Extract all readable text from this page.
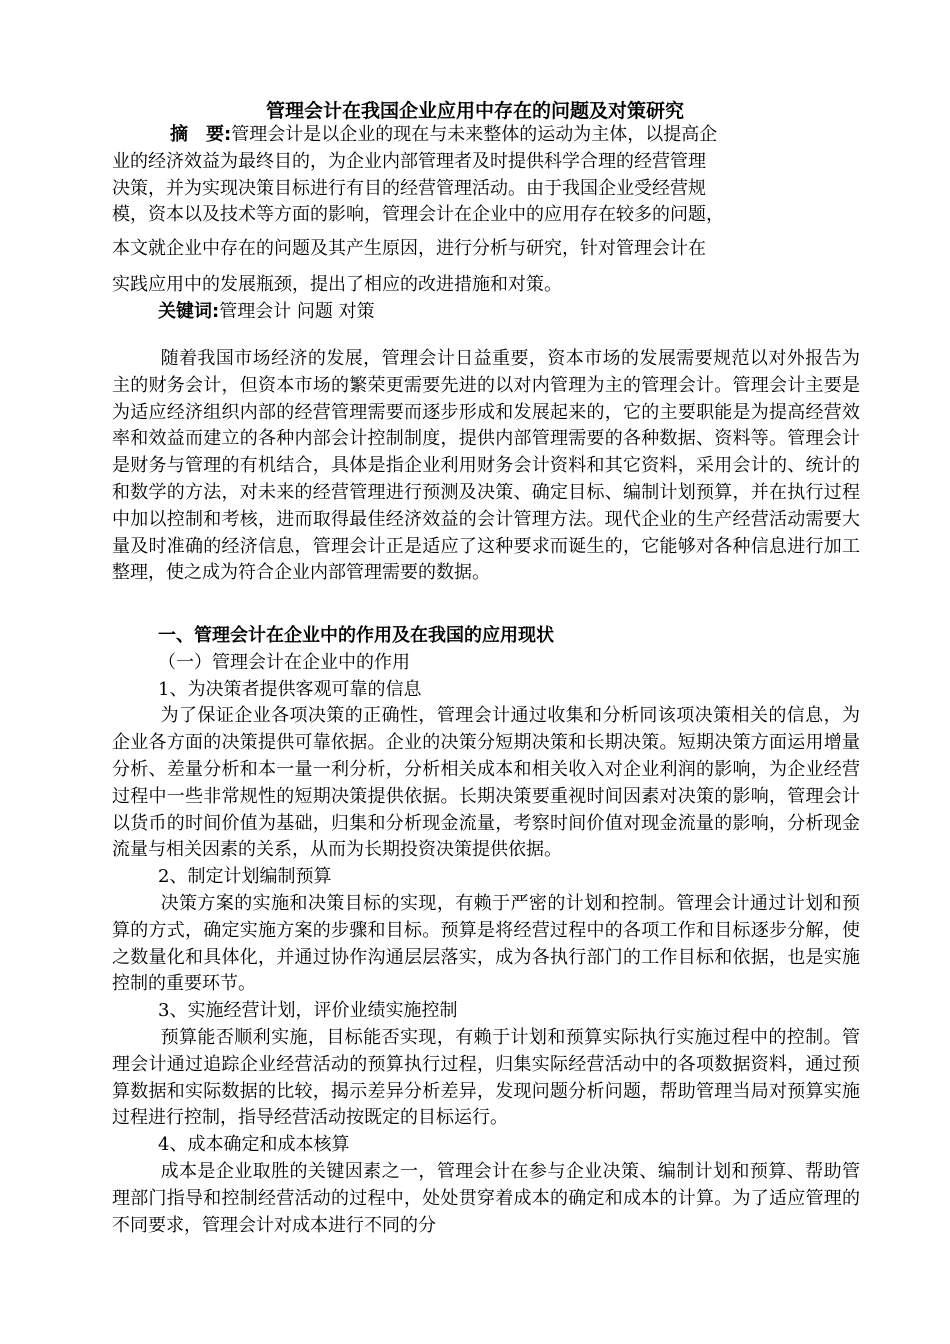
管理会计在我国企业应用中存在的问题及对策研究
摘　要:管理会计是以企业的现在与未来整体的运动为主体，以提高企
业的经济效益为最终目的，为企业内部管理者及时提供科学合理的经营管理
决策，并为实现决策目标进行有目的经营管理活动。由于我国企业受经营规
模，资本以及技术等方面的影响，管理会计在企业中的应用存在较多的问题，
本文就企业中存在的问题及其产生原因，进行分析与研究，针对管理会计在
实践应用中的发展瓶颈，提出了相应的改进措施和对策。
关键词:管理会计 问题 对策

随着我国市场经济的发展，管理会计日益重要，资本市场的发展需要规范以对外报告为主的财务会计，但资本市场的繁荣更需要先进的以对内管理为主的管理会计。管理会计主要是为适应经济组织内部的经营管理需要而逐步形成和发展起来的，它的主要职能是为提高经营效率和效益而建立的各种内部会计控制制度，提供内部管理需要的各种数据、资料等。管理会计是财务与管理的有机结合，具体是指企业利用财务会计资料和其它资料，采用会计的、统计的和数学的方法，对未来的经营管理进行预测及决策、确定目标、编制计划预算，并在执行过程中加以控制和考核，进而取得最佳经济效益的会计管理方法。现代企业的生产经营活动需要大量及时准确的经济信息，管理会计正是适应了这种要求而诞生的，它能够对各种信息进行加工整理，使之成为符合企业内部管理需要的数据。

一、管理会计在企业中的作用及在我国的应用现状

（一）管理会计在企业中的作用

1、为决策者提供客观可靠的信息

为了保证企业各项决策的正确性，管理会计通过收集和分析同该项决策相关的信息，为企业各方面的决策提供可靠依据。企业的决策分短期决策和长期决策。短期决策方面运用增量分析、差量分析和本一量一利分析，分析相关成本和相关收入对企业利润的影响，为企业经营过程中一些非常规性的短期决策提供依据。长期决策要重视时间因素对决策的影响，管理会计以货币的时间价值为基础，归集和分析现金流量，考察时间价值对现金流量的影响，分析现金流量与相关因素的关系，从而为长期投资决策提供依据。

2、制定计划编制预算

决策方案的实施和决策目标的实现，有赖于严密的计划和控制。管理会计通过计划和预算的方式，确定实施方案的步骤和目标。预算是将经营过程中的各项工作和目标逐步分解，使之数量化和具体化，并通过协作沟通层层落实，成为各执行部门的工作目标和依据，也是实施控制的重要环节。

3、实施经营计划，评价业绩实施控制

预算能否顺利实施，目标能否实现，有赖于计划和预算实际执行实施过程中的控制。管理会计通过追踪企业经营活动的预算执行过程，归集实际经营活动中的各项数据资料，通过预算数据和实际数据的比较，揭示差异分析差异，发现问题分析问题，帮助管理当局对预算实施过程进行控制，指导经营活动按既定的目标运行。

4、成本确定和成本核算

成本是企业取胜的关键因素之一，管理会计在参与企业决策、编制计划和预算、帮助管理部门指导和控制经营活动的过程中，处处贯穿着成本的确定和成本的计算。为了适应管理的不同要求，管理会计对成本进行不同的分
